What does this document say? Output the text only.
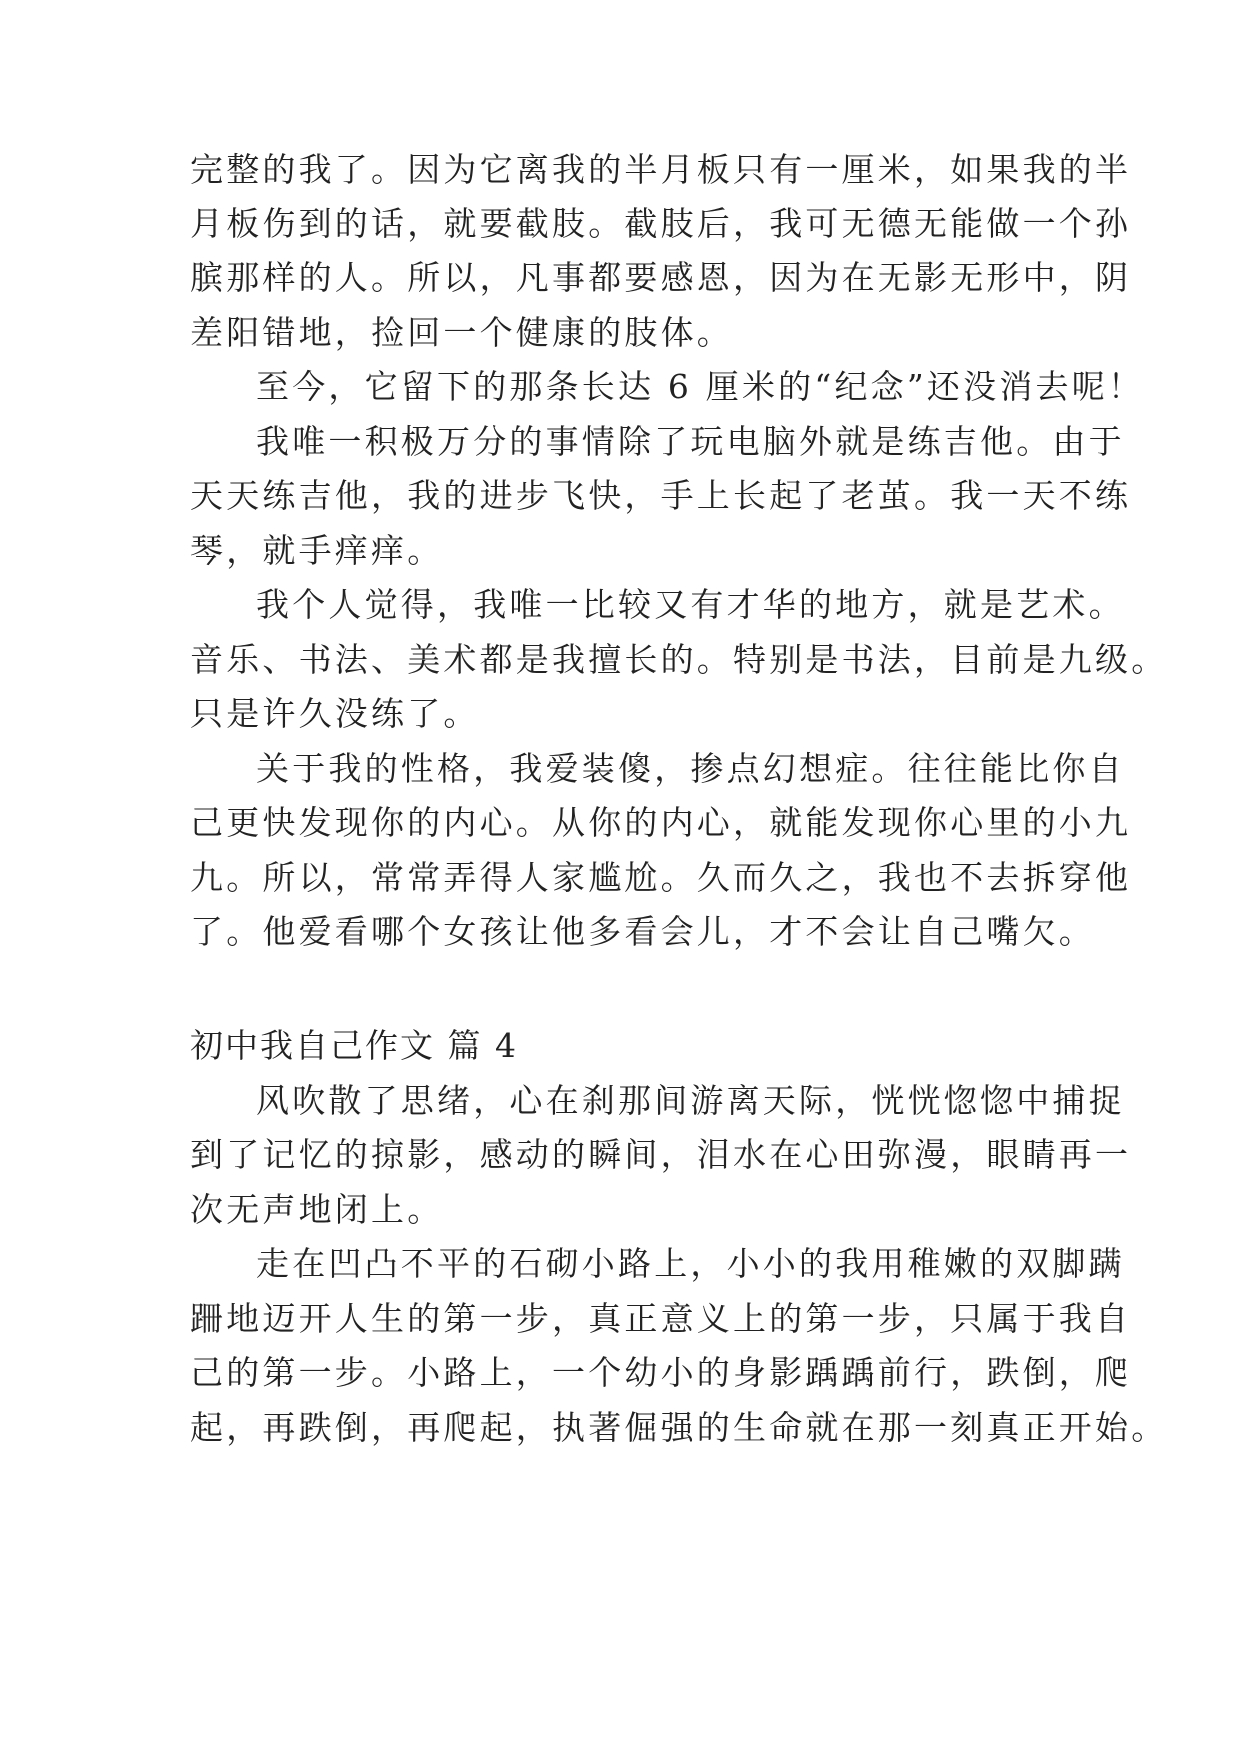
完整的我了。因为它离我的半月板只有一厘米，如果我的半
月板伤到的话，就要截肢。截肢后，我可无德无能做一个孙
膑那样的人。所以，凡事都要感恩，因为在无影无形中，阴
差阳错地，捡回一个健康的肢体。
至今，它留下的那条长达 6 厘米的“纪念”还没消去呢！
我唯一积极万分的事情除了玩电脑外就是练吉他。由于
天天练吉他，我的进步飞快，手上长起了老茧。我一天不练
琴，就手痒痒。
我个人觉得，我唯一比较又有才华的地方，就是艺术。
音乐、书法、美术都是我擅长的。特别是书法，目前是九级。
只是许久没练了。
关于我的性格，我爱装傻，掺点幻想症。往往能比你自
己更快发现你的内心。从你的内心，就能发现你心里的小九
九。所以，常常弄得人家尴尬。久而久之，我也不去拆穿他
了。他爱看哪个女孩让他多看会儿，才不会让自己嘴欠。
初中我自己作文 篇 4
风吹散了思绪，心在刹那间游离天际，恍恍惚惚中捕捉
到了记忆的掠影，感动的瞬间，泪水在心田弥漫，眼睛再一
次无声地闭上。
走在凹凸不平的石砌小路上，小小的我用稚嫩的双脚蹒
跚地迈开人生的第一步，真正意义上的第一步，只属于我自
己的第一步。小路上，一个幼小的身影踽踽前行，跌倒，爬
起，再跌倒，再爬起，执著倔强的生命就在那一刻真正开始。
